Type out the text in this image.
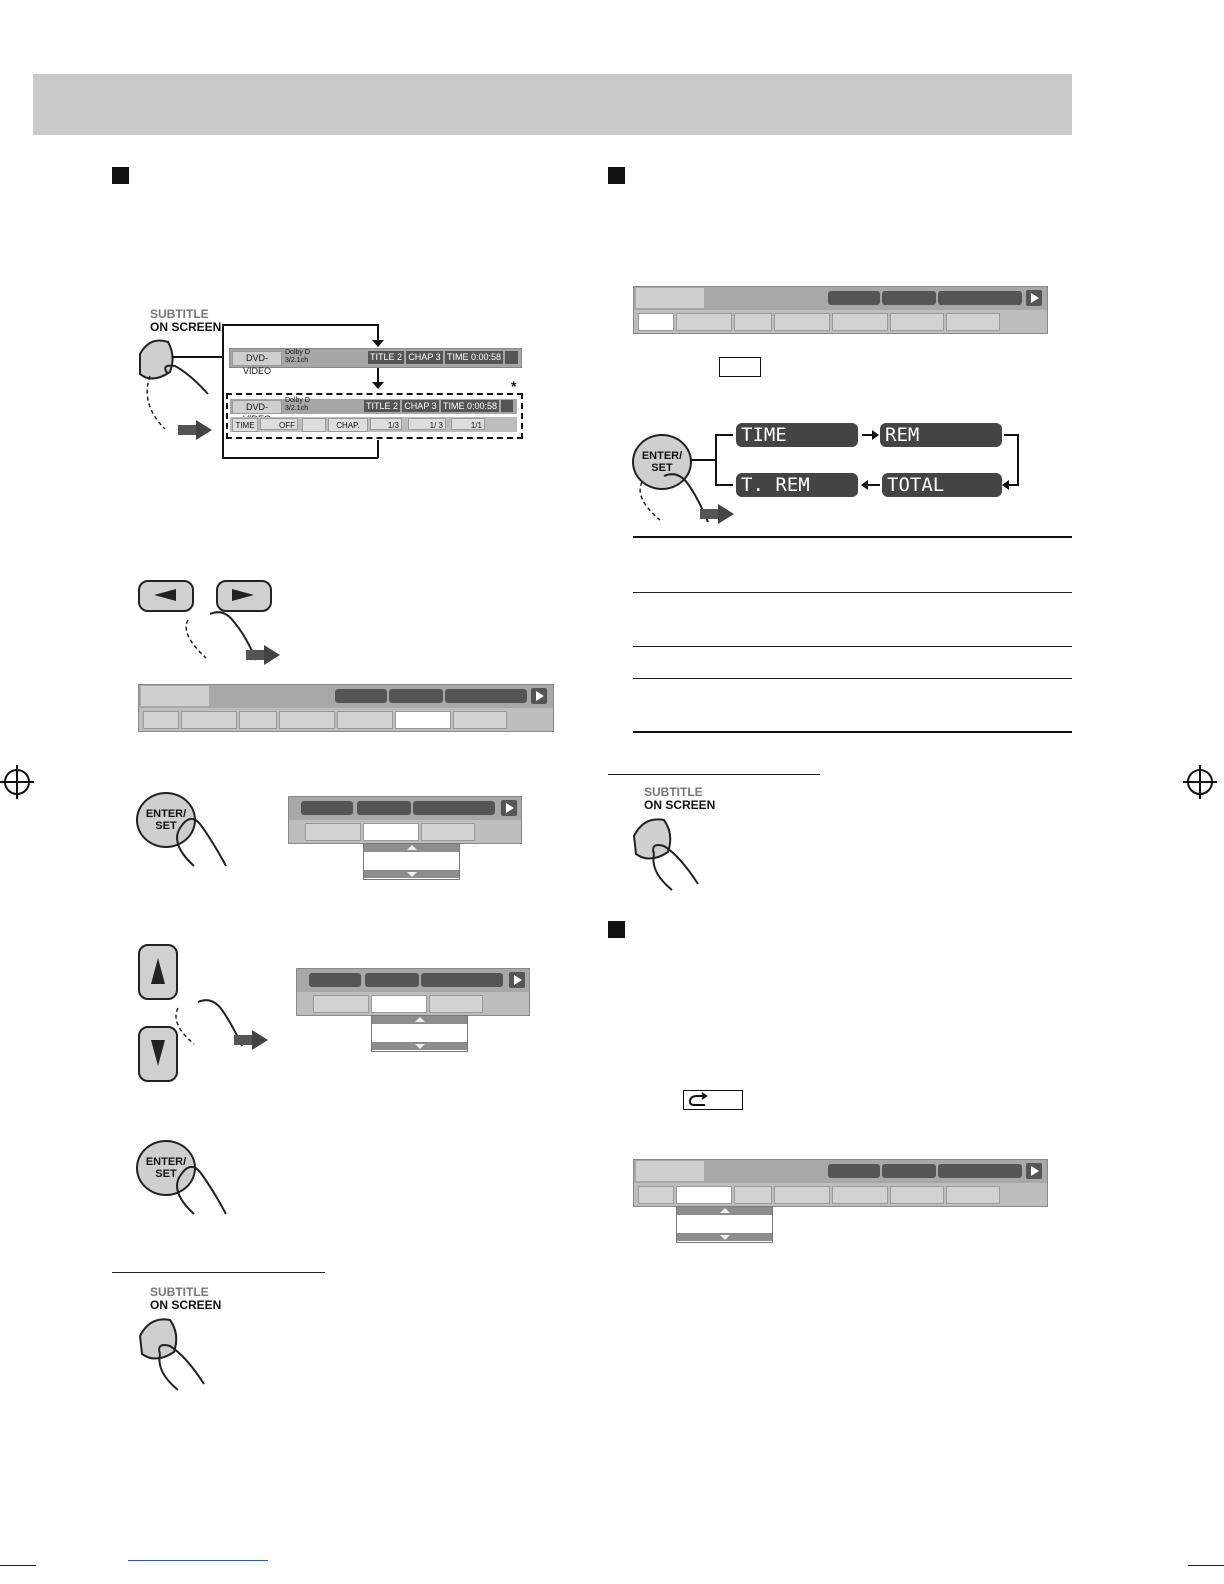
SUBTITLE
ON SCREEN
DVD-VIDEO
Dolby D
3/2.1ch	TITLE 2 CHAP 3 TIME 0:00:58
DVD-
Dolby D
3/2.1ch	TITLE 2 CHAP 3 TIME 0:00:58
TIME	OFF	CHAP.	1/3	1/ 3	1/1
*
ENTER/
SET
ENTER/
SET
SUBTITLE
ON SCREEN
ENTER/
SET
TIME 0:00:58
REM 0:11:23
TOTAL 1:01:58
T. REM 0:35:24
SUBTITLE
ON SCREEN
